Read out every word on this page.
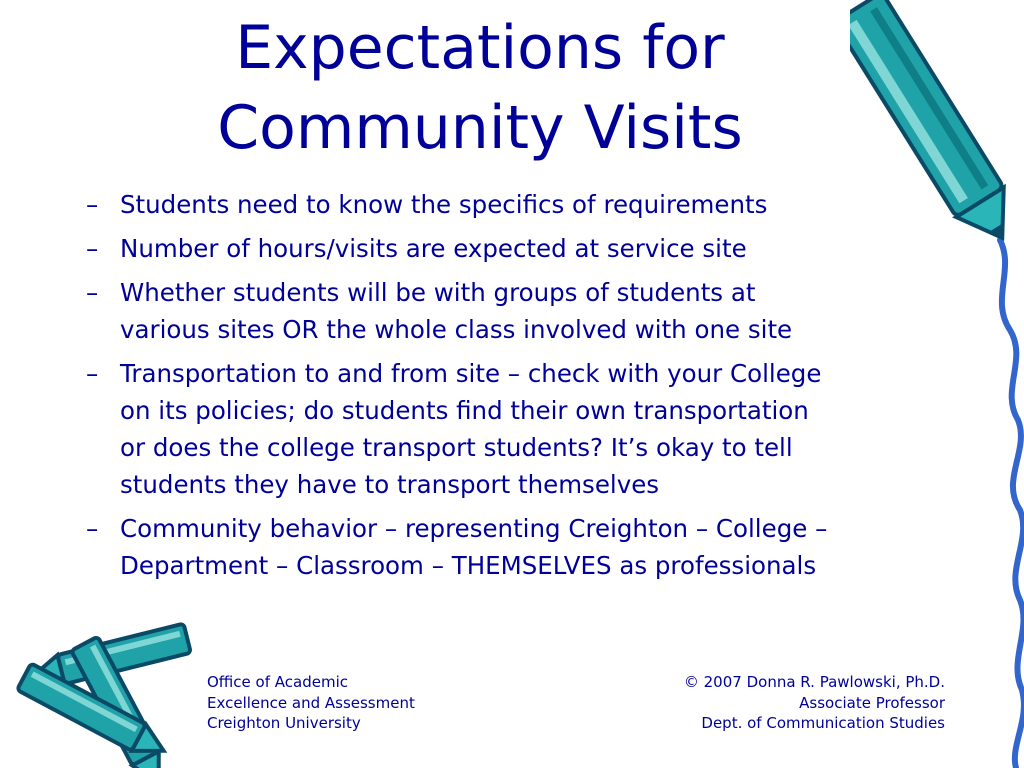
Expectations for
Community Visits
– Students need to know the specifics of requirements
– Number of hours/visits are expected at service site
– Whether students will be with groups of students at
various sites OR the whole class involved with one site
– Transportation to and from site – check with your College
on its policies; do students find their own transportation
or does the college transport students? It’s okay to tell
students they have to transport themselves
– Community behavior – representing Creighton – College –
Department – Classroom – THEMSELVES as professionals
Office of Academic
Excellence and Assessment
Creighton University
© 2007 Donna R. Pawlowski, Ph.D.
Associate Professor
Dept. of Communication Studies
